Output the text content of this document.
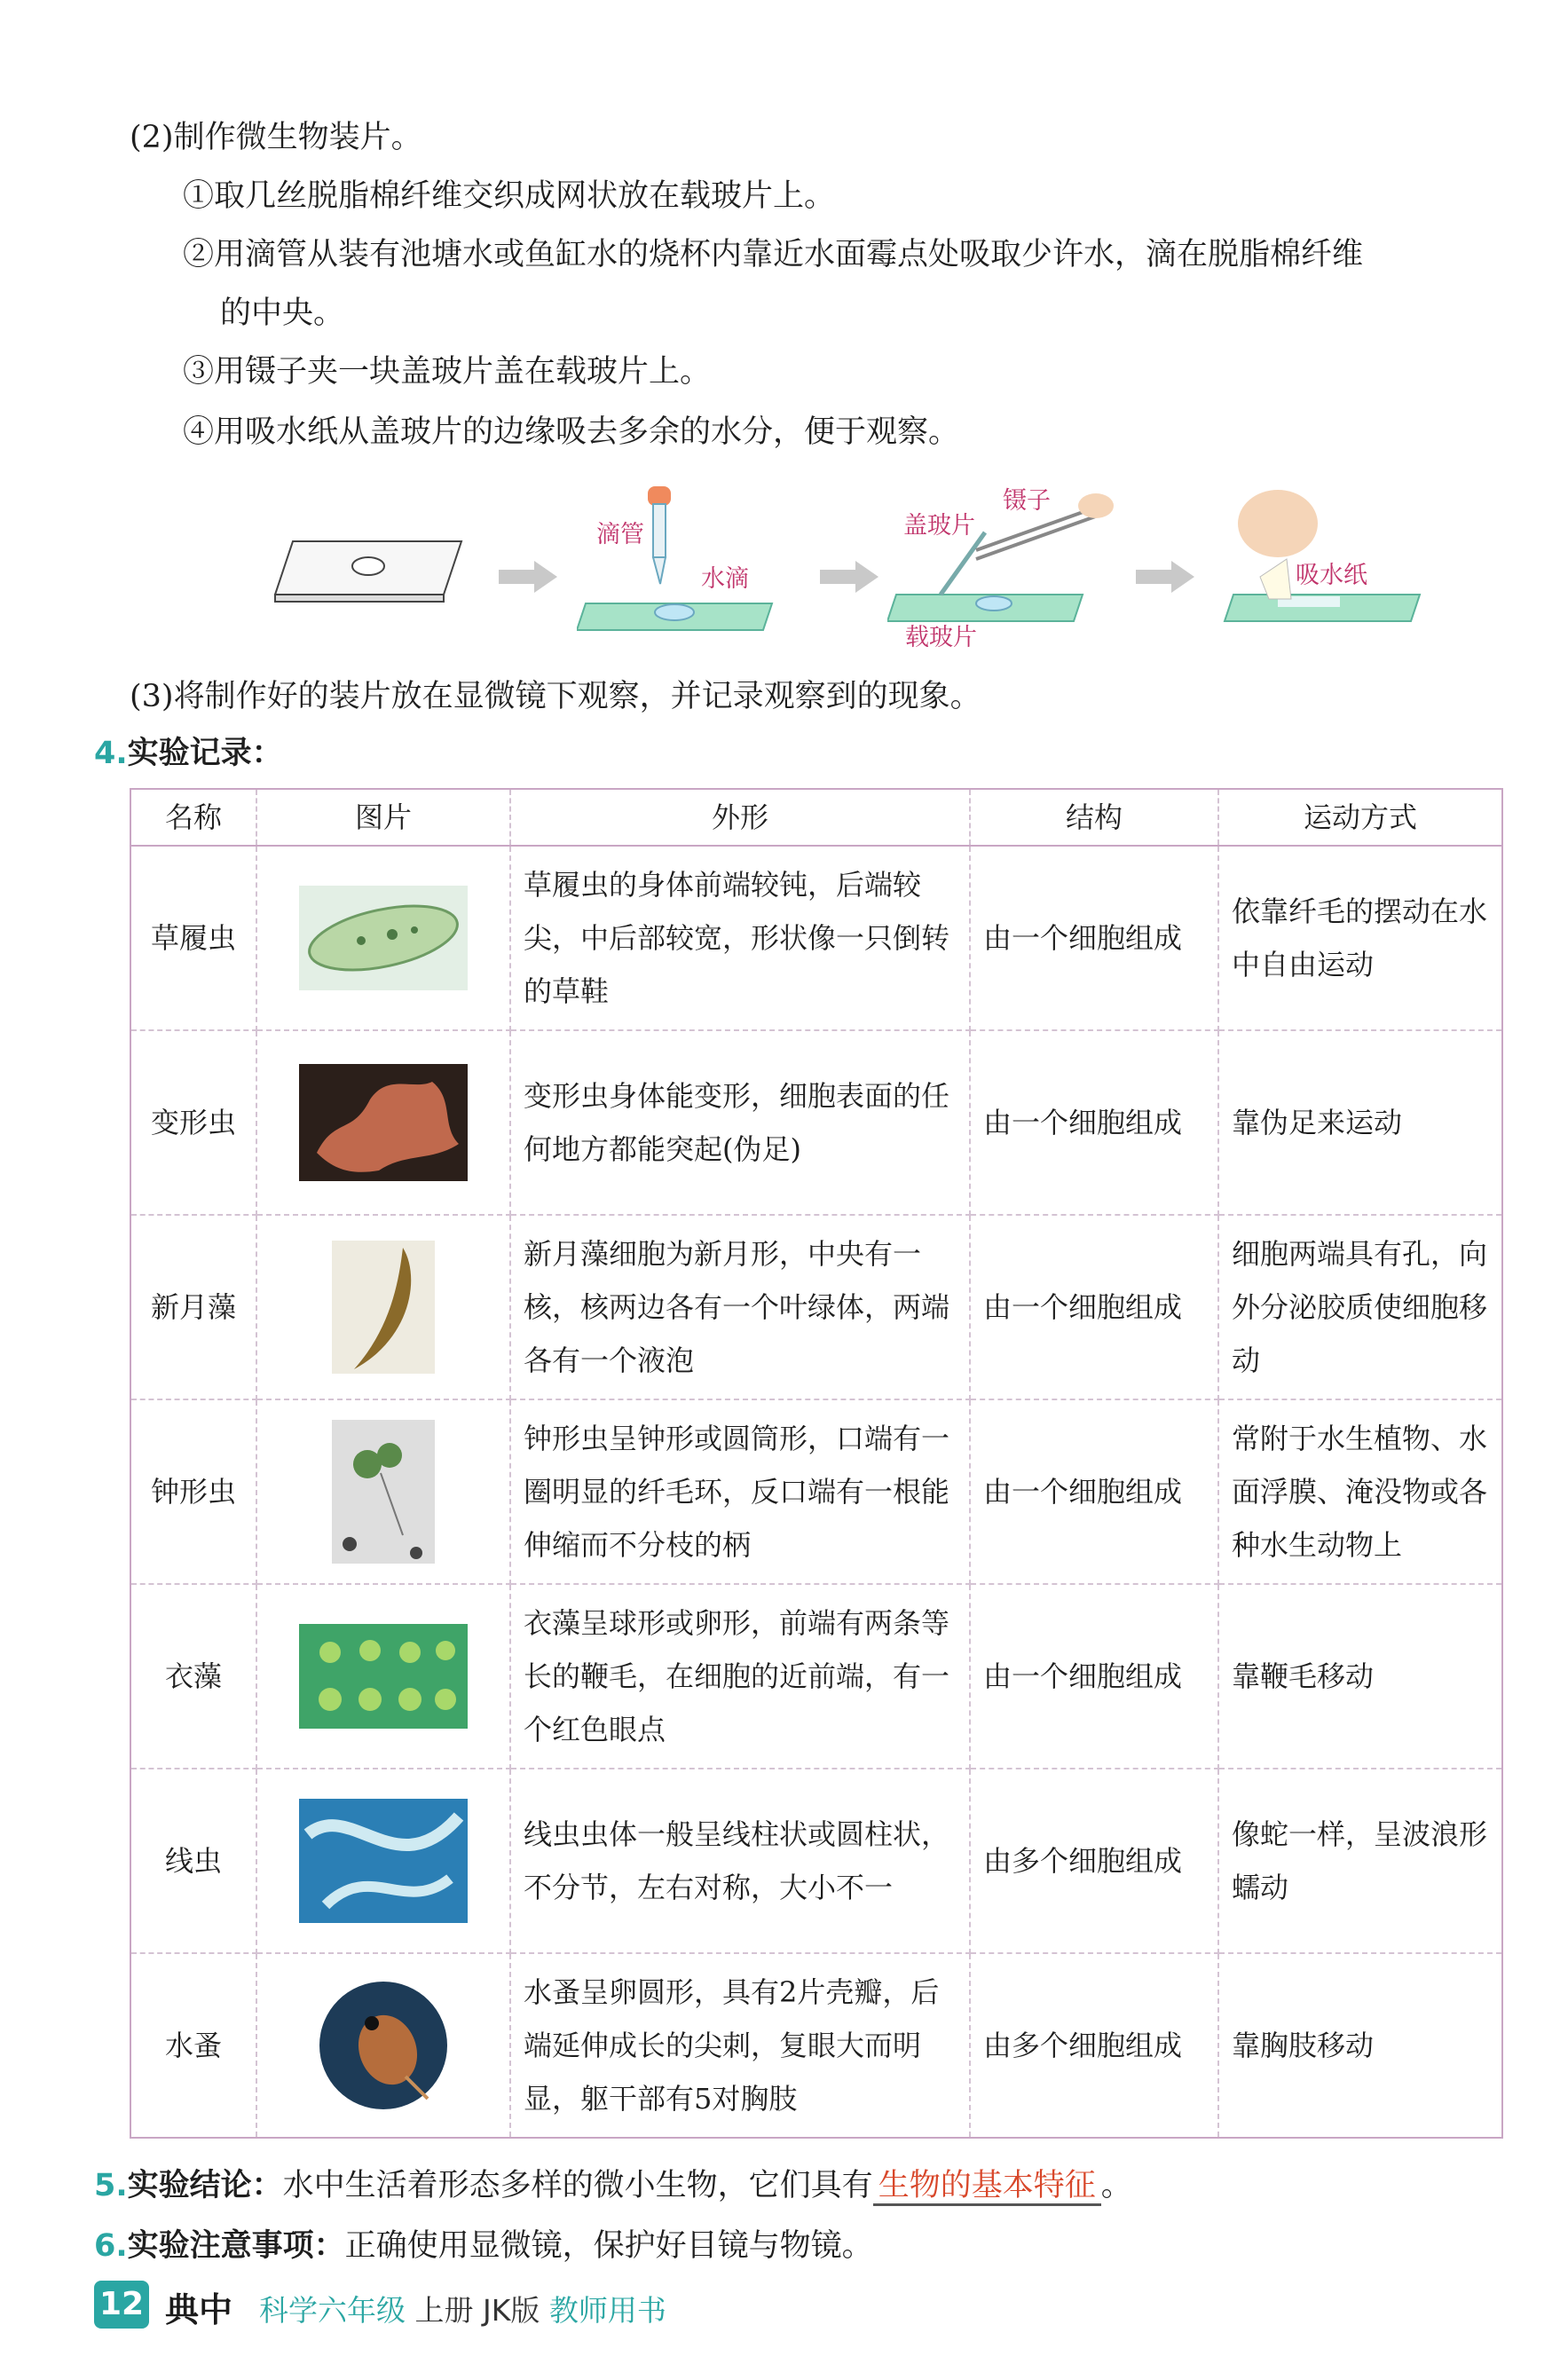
(2)制作微生物装片。
①取几丝脱脂棉纤维交织成网状放在载玻片上。
②用滴管从装有池塘水或鱼缸水的烧杯内靠近水面霉点处吸取少许水，滴在脱脂棉纤维
的中央。
③用镊子夹一块盖玻片盖在载玻片上。
④用吸水纸从盖玻片的边缘吸去多余的水分，便于观察。
滴管
水滴
盖玻片
镊子
载玻片
吸水纸
(3)将制作好的装片放在显微镜下观察，并记录观察到的现象。
4.实验记录：
名称	图片	外形	结构	运动方式
草履虫		草履虫的身体前端较钝，后端较尖，中后部较宽，形状像一只倒转的草鞋	由一个细胞组成	依靠纤毛的摆动在水中自由运动
变形虫		变形虫身体能变形，细胞表面的任何地方都能突起(伪足)	由一个细胞组成	靠伪足来运动
新月藻		新月藻细胞为新月形，中央有一核，核两边各有一个叶绿体，两端各有一个液泡	由一个细胞组成	细胞两端具有孔，向外分泌胶质使细胞移动
钟形虫		钟形虫呈钟形或圆筒形，口端有一圈明显的纤毛环，反口端有一根能伸缩而不分枝的柄	由一个细胞组成	常附于水生植物、水面浮膜、淹没物或各种水生动物上
衣藻		衣藻呈球形或卵形，前端有两条等长的鞭毛，在细胞的近前端，有一个红色眼点	由一个细胞组成	靠鞭毛移动
线虫		线虫虫体一般呈线柱状或圆柱状，不分节，左右对称，大小不一	由多个细胞组成	像蛇一样，呈波浪形蠕动
水蚤		水蚤呈卵圆形，具有2片壳瓣，后端延伸成长的尖刺，复眼大而明显，躯干部有5对胸肢	由多个细胞组成	靠胸肢移动
5.实验结论：水中生活着形态多样的微小生物，它们具有 生物的基本特征 。
6.实验注意事项：正确使用显微镜，保护好目镜与物镜。
12 典中 科学六年级 上册 JK版 教师用书
